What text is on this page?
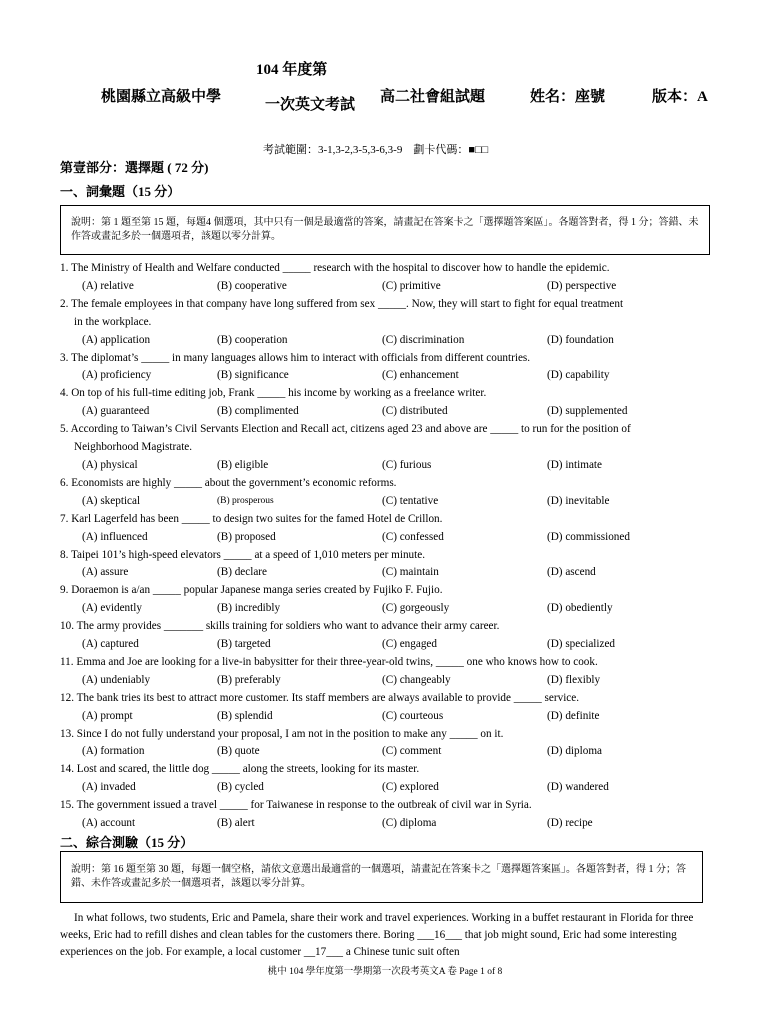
104 年度第
桃園縣立高級中學	一次英文考試 高二社會組試題	姓名：座號	版本：A
考試範圍：3-1,3-2,3-5,3-6,3-9　劃卡代碼：■□□
第壹部分：選擇題 ( 72 分)
一、詞彙題（15 分）
說明：第 1 題至第 15 題，每題4 個選項，其中只有一個是最適當的答案，請畫記在答案卡之「選擇題答案區」。各題答對者，得 1 分；答錯、未作答或畫記多於一個選項者，該題以零分計算。
1. The Ministry of Health and Welfare conducted _____ research with the hospital to discover how to handle the epidemic.
(A) relative	(B) cooperative	(C) primitive	(D) perspective
2. The female employees in that company have long suffered from sex _____. Now, they will start to fight for equal treatment
in the workplace.
(A) application	(B) cooperation	(C) discrimination	(D) foundation
3. The diplomat’s _____ in many languages allows him to interact with officials from different countries.
(A) proficiency	(B) significance	(C) enhancement	(D) capability
4. On top of his full-time editing job, Frank _____ his income by working as a freelance writer.
(A) guaranteed	(B) complimented	(C) distributed	(D) supplemented
5. According to Taiwan’s Civil Servants Election and Recall act, citizens aged 23 and above are _____ to run for the position of
Neighborhood Magistrate.
(A) physical	(B) eligible	(C) furious	(D) intimate
6. Economists are highly _____ about the government’s economic reforms.
(A) skeptical	(B) prosperous	(C) tentative	(D) inevitable
7. Karl Lagerfeld has been _____ to design two suites for the famed Hotel de Crillon.
(A) influenced	(B) proposed	(C) confessed	(D) commissioned
8. Taipei 101’s high-speed elevators _____ at a speed of 1,010 meters per minute.
(A) assure	(B) declare	(C) maintain	(D) ascend
9. Doraemon is a/an _____ popular Japanese manga series created by Fujiko F. Fujio.
(A) evidently	(B) incredibly	(C) gorgeously	(D) obediently
10. The army provides _______ skills training for soldiers who want to advance their army career.
(A) captured	(B) targeted	(C) engaged	(D) specialized
11. Emma and Joe are looking for a live-in babysitter for their three-year-old twins, _____ one who knows how to cook.
(A) undeniably	(B) preferably	(C) changeably	(D) flexibly
12. The bank tries its best to attract more customer. Its staff members are always available to provide _____ service.
(A) prompt	(B) splendid	(C) courteous	(D) definite
13. Since I do not fully understand your proposal, I am not in the position to make any _____ on it.
(A) formation	(B) quote	(C) comment	(D) diploma
14. Lost and scared, the little dog _____ along the streets, looking for its master.
(A) invaded	(B) cycled	(C) explored	(D) wandered
15. The government issued a travel _____ for Taiwanese in response to the outbreak of civil war in Syria.
(A) account	(B) alert	(C) diploma	(D) recipe
二、綜合測驗（15 分）
說明：第 16 題至第 30 題，每題一個空格，請依文意選出最適當的一個選項，請畫記在答案卡之「選擇題答案區」。各題答對者，得 1 分；答錯、未作答或畫記多於一個選項者，該題以零分計算。
In what follows, two students, Eric and Pamela, share their work and travel experiences. Working in a buffet restaurant in Florida for three weeks, Eric had to refill dishes and clean tables for the customers there. Boring ___16___ that job might sound, Eric had some interesting experiences on the job. For example, a local customer __17___ a Chinese tunic suit often
桃中 104 學年度第一學期第一次段考英文A 卷 Page 1 of 8
